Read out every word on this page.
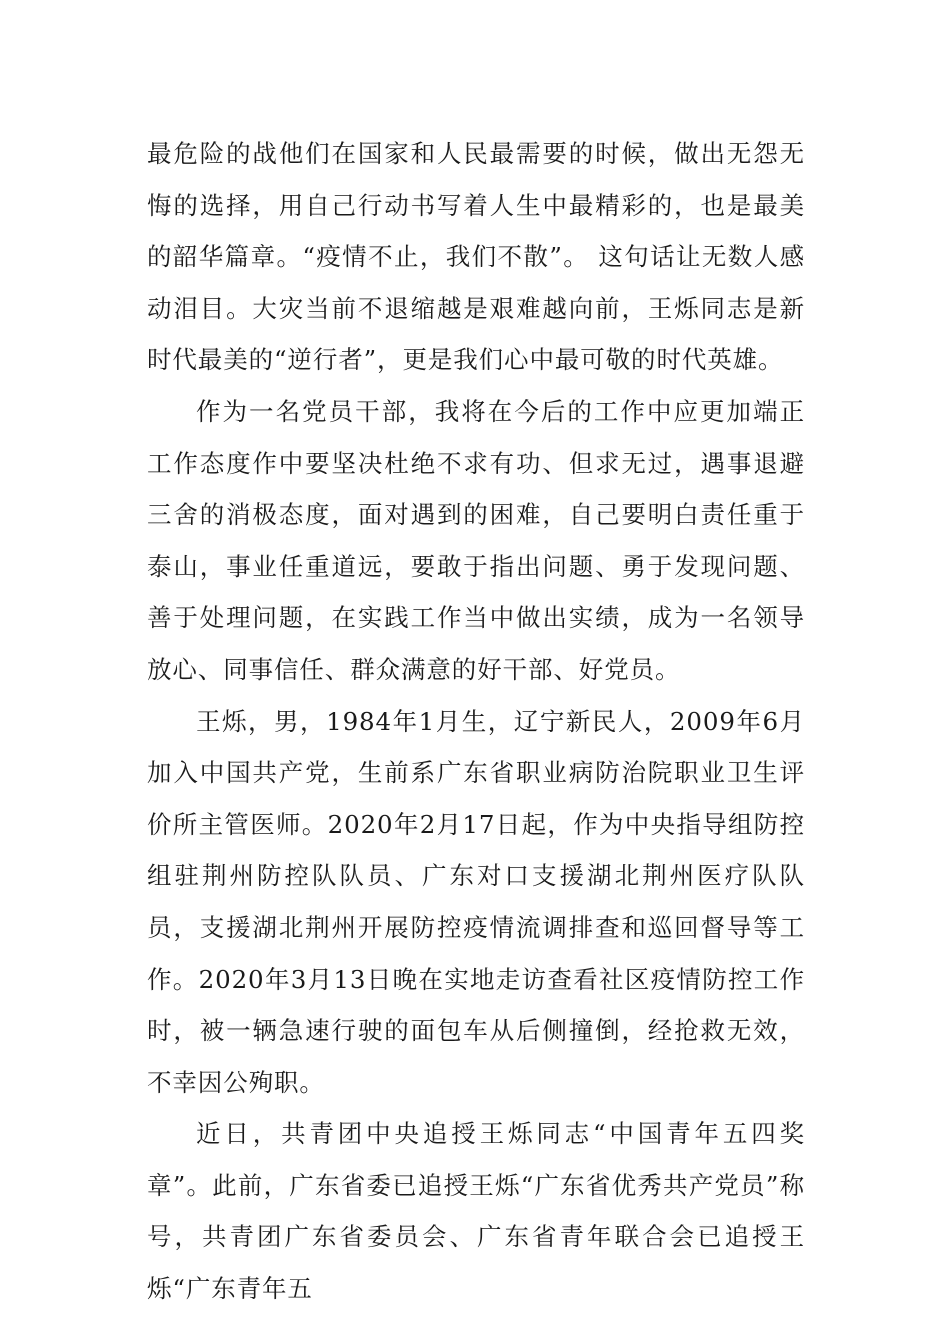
最危险的战他们在国家和人民最需要的时候，做出无怨无悔的选择，用自己行动书写着人生中最精彩的，也是最美的韶华篇章。“疫情不止，我们不散”。 这句话让无数人感动泪目。大灾当前不退缩越是艰难越向前，王烁同志是新时代最美的“逆行者”，更是我们心中最可敬的时代英雄。

作为一名党员干部，我将在今后的工作中应更加端正工作态度作中要坚决杜绝不求有功、但求无过，遇事退避三舍的消极态度，面对遇到的困难，自己要明白责任重于泰山，事业任重道远，要敢于指出问题、勇于发现问题、善于处理问题，在实践工作当中做出实绩，成为一名领导放心、同事信任、群众满意的好干部、好党员。

王烁，男，1984年1月生，辽宁新民人，2009年6月加入中国共产党，生前系广东省职业病防治院职业卫生评价所主管医师。2020年2月17日起，作为中央指导组防控组驻荆州防控队队员、广东对口支援湖北荆州医疗队队员，支援湖北荆州开展防控疫情流调排查和巡回督导等工作。2020年3月13日晚在实地走访查看社区疫情防控工作时，被一辆急速行驶的面包车从后侧撞倒，经抢救无效，不幸因公殉职。

近日，共青团中央追授王烁同志“中国青年五四奖章”。此前，广东省委已追授王烁“广东省优秀共产党员”称号，共青团广东省委员会、广东省青年联合会已追授王烁“广东青年五
